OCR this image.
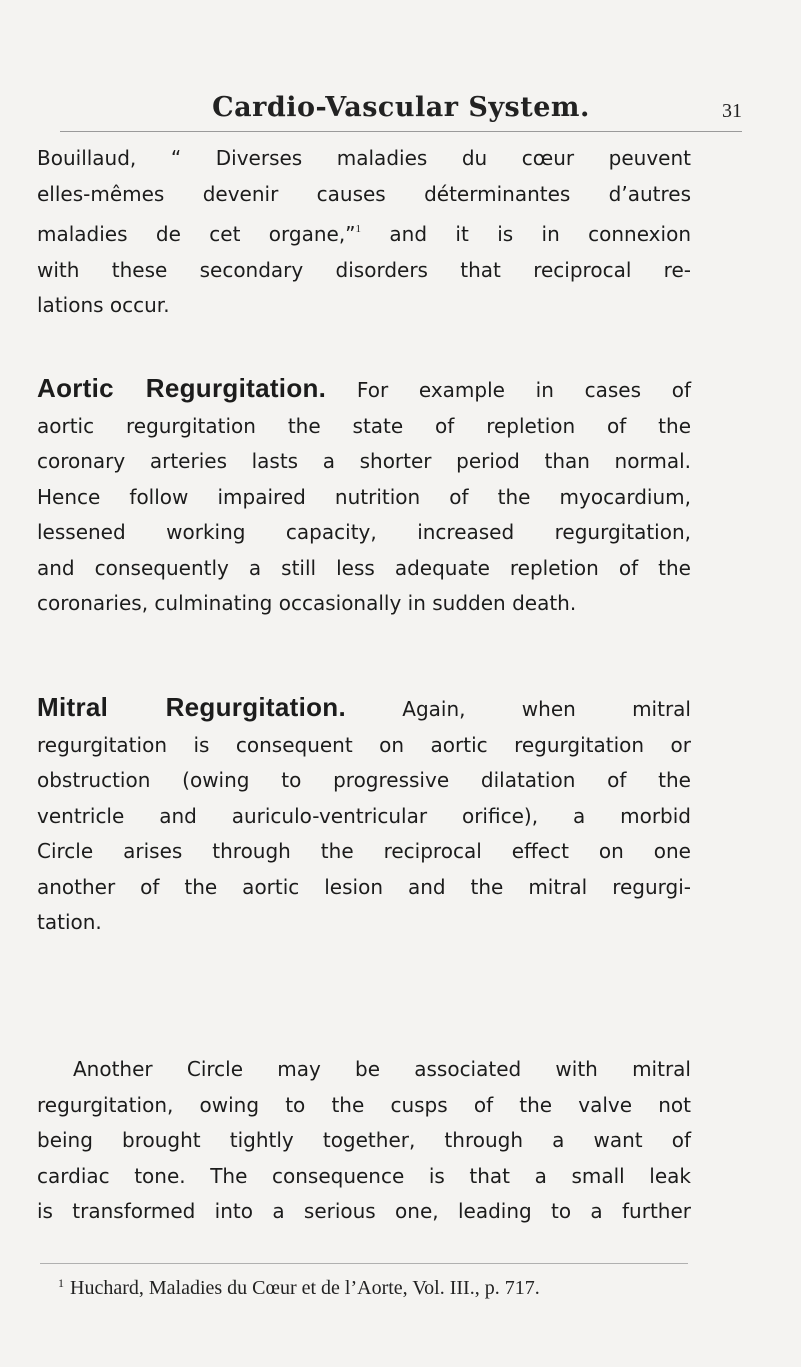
Cardio-Vascular System.	31

Bouillaud, “ Diverses maladies du cœur peuvent

elles-mêmes devenir causes déterminantes d’autres

maladies de cet organe,”$^1$ and it is in connexion

with these secondary disorders that reciprocal re-

lations occur.

Aortic Regurgitation. For example in cases of

aortic regurgitation the state of repletion of the

coronary arteries lasts a shorter period than normal.

Hence follow impaired nutrition of the myocardium,

lessened working capacity, increased regurgitation,

and consequently a still less adequate repletion of the

coronaries, culminating occasionally in sudden death.

Mitral Regurgitation. Again, when mitral

regurgitation is consequent on aortic regurgitation or

obstruction (owing to progressive dilatation of the

ventricle and auriculo-ventricular orifice), a morbid

Circle arises through the reciprocal effect on one

another of the aortic lesion and the mitral regurgi-

tation.

Another Circle may be associated with mitral

regurgitation, owing to the cusps of the valve not

being brought tightly together, through a want of

cardiac tone. The consequence is that a small leak

is transformed into a serious one, leading to a further

$^1$ Huchard, Maladies du Cœur et de l’Aorte, Vol. III., p. 717.
